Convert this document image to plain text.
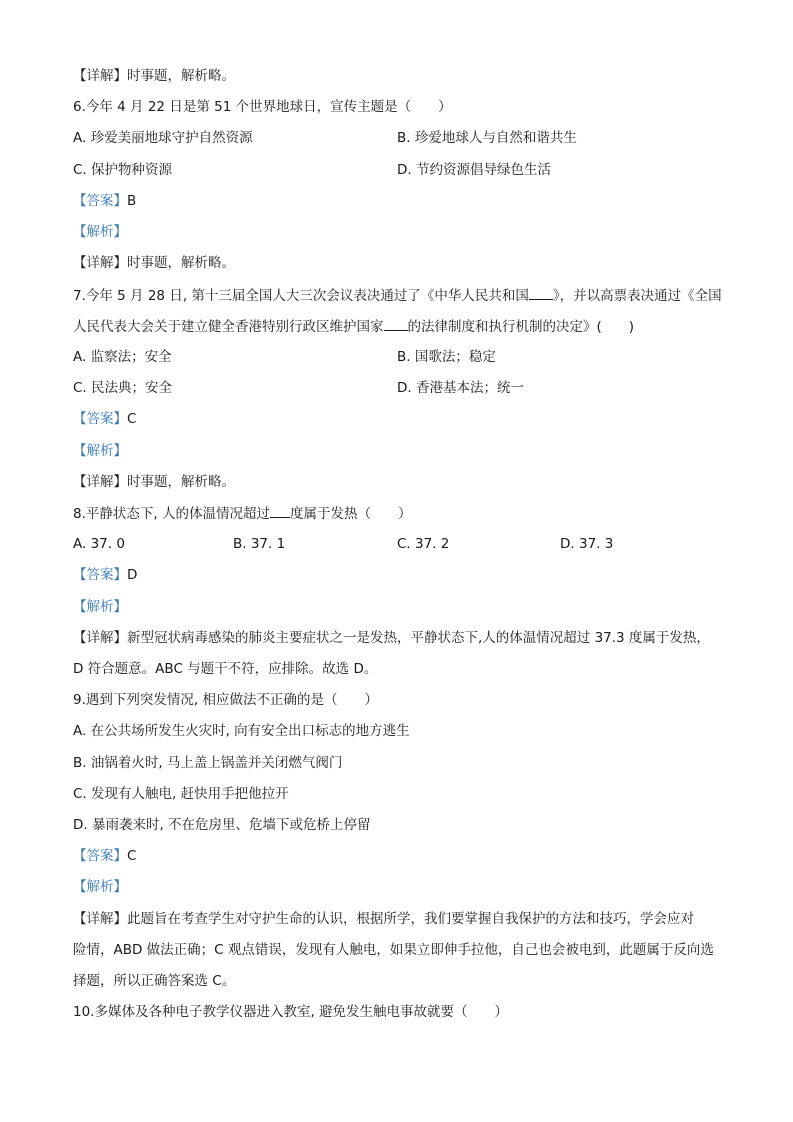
【详解】时事题，解析略。
6.今年 4 月 22 日是第 51 个世界地球日，宣传主题是（　　）
A. 珍爱美丽地球守护自然资源	B. 珍爱地球人与自然和谐共生
C. 保护物种资源	D. 节约资源倡导绿色生活
【答案】B
【解析】
【详解】时事题，解析略。
7.今年 5 月 28 日, 第十三届全国人大三次会议表决通过了《中华人民共和国 》，并以高票表决通过《全国
人民代表大会关于建立健全香港特别行政区维护国家 的法律制度和执行机制的决定》(　　)
A. 监察法；安全	B. 国歌法；稳定
C. 民法典；安全	D. 香港基本法；统一
【答案】C
【解析】
【详解】时事题，解析略。
8.平静状态下, 人的体温情况超过 度属于发热（　　）
A. 37. 0	B. 37. 1	C. 37. 2	D. 37. 3
【答案】D
【解析】
【详解】新型冠状病毒感染的肺炎主要症状之一是发热，平静状态下,人的体温情况超过 37.3 度属于发热，
D 符合题意。ABC 与题干不符，应排除。故选 D。
9.遇到下列突发情况, 相应做法不正确的是（　　）
A. 在公共场所发生火灾时, 向有安全出口标志的地方逃生
B. 油锅着火时, 马上盖上锅盖并关闭燃气阀门
C. 发现有人触电, 赶快用手把他拉开
D. 暴雨袭来时, 不在危房里、危墙下或危桥上停留
【答案】C
【解析】
【详解】此题旨在考查学生对守护生命的认识，根据所学，我们要掌握自我保护的方法和技巧，学会应对
险情，ABD 做法正确；C 观点错误，发现有人触电，如果立即伸手拉他，自己也会被电到，此题属于反向选
择题，所以正确答案选 C。
10.多媒体及各种电子教学仪器进入教室, 避免发生触电事故就要（　　）
